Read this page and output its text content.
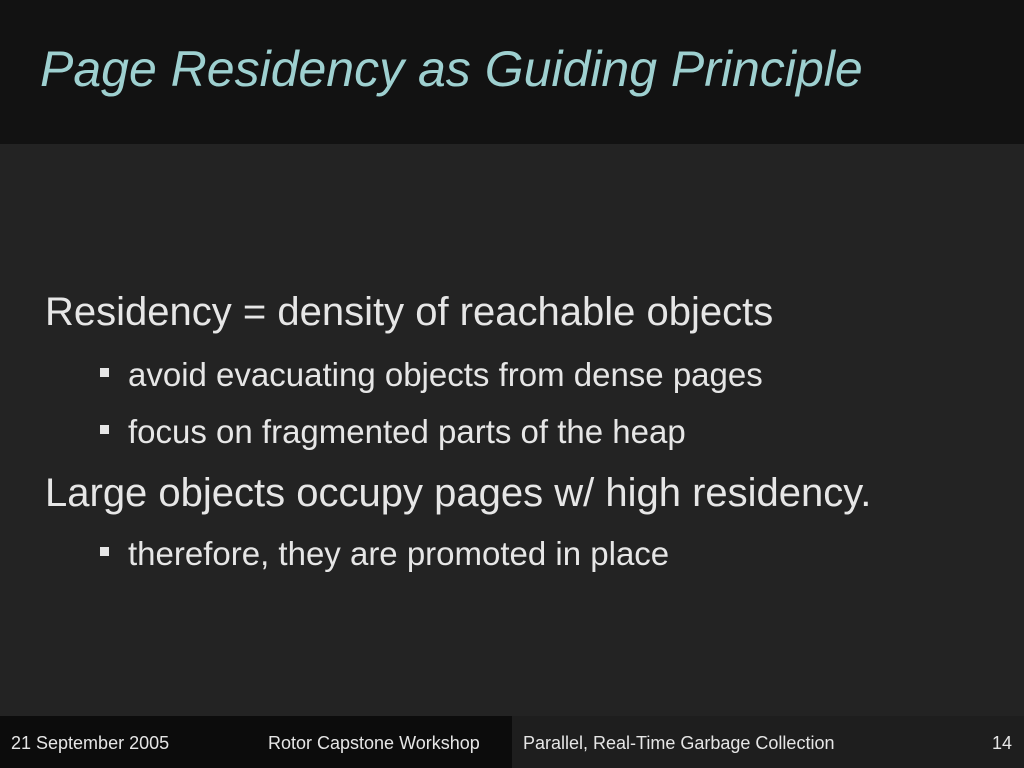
Page Residency as Guiding Principle
Residency = density of reachable objects
avoid evacuating objects from dense pages
focus on fragmented parts of the heap
Large objects occupy pages w/ high residency.
therefore, they are promoted in place
21 September 2005	Rotor Capstone Workshop Parallel, Real-Time Garbage Collection	14
